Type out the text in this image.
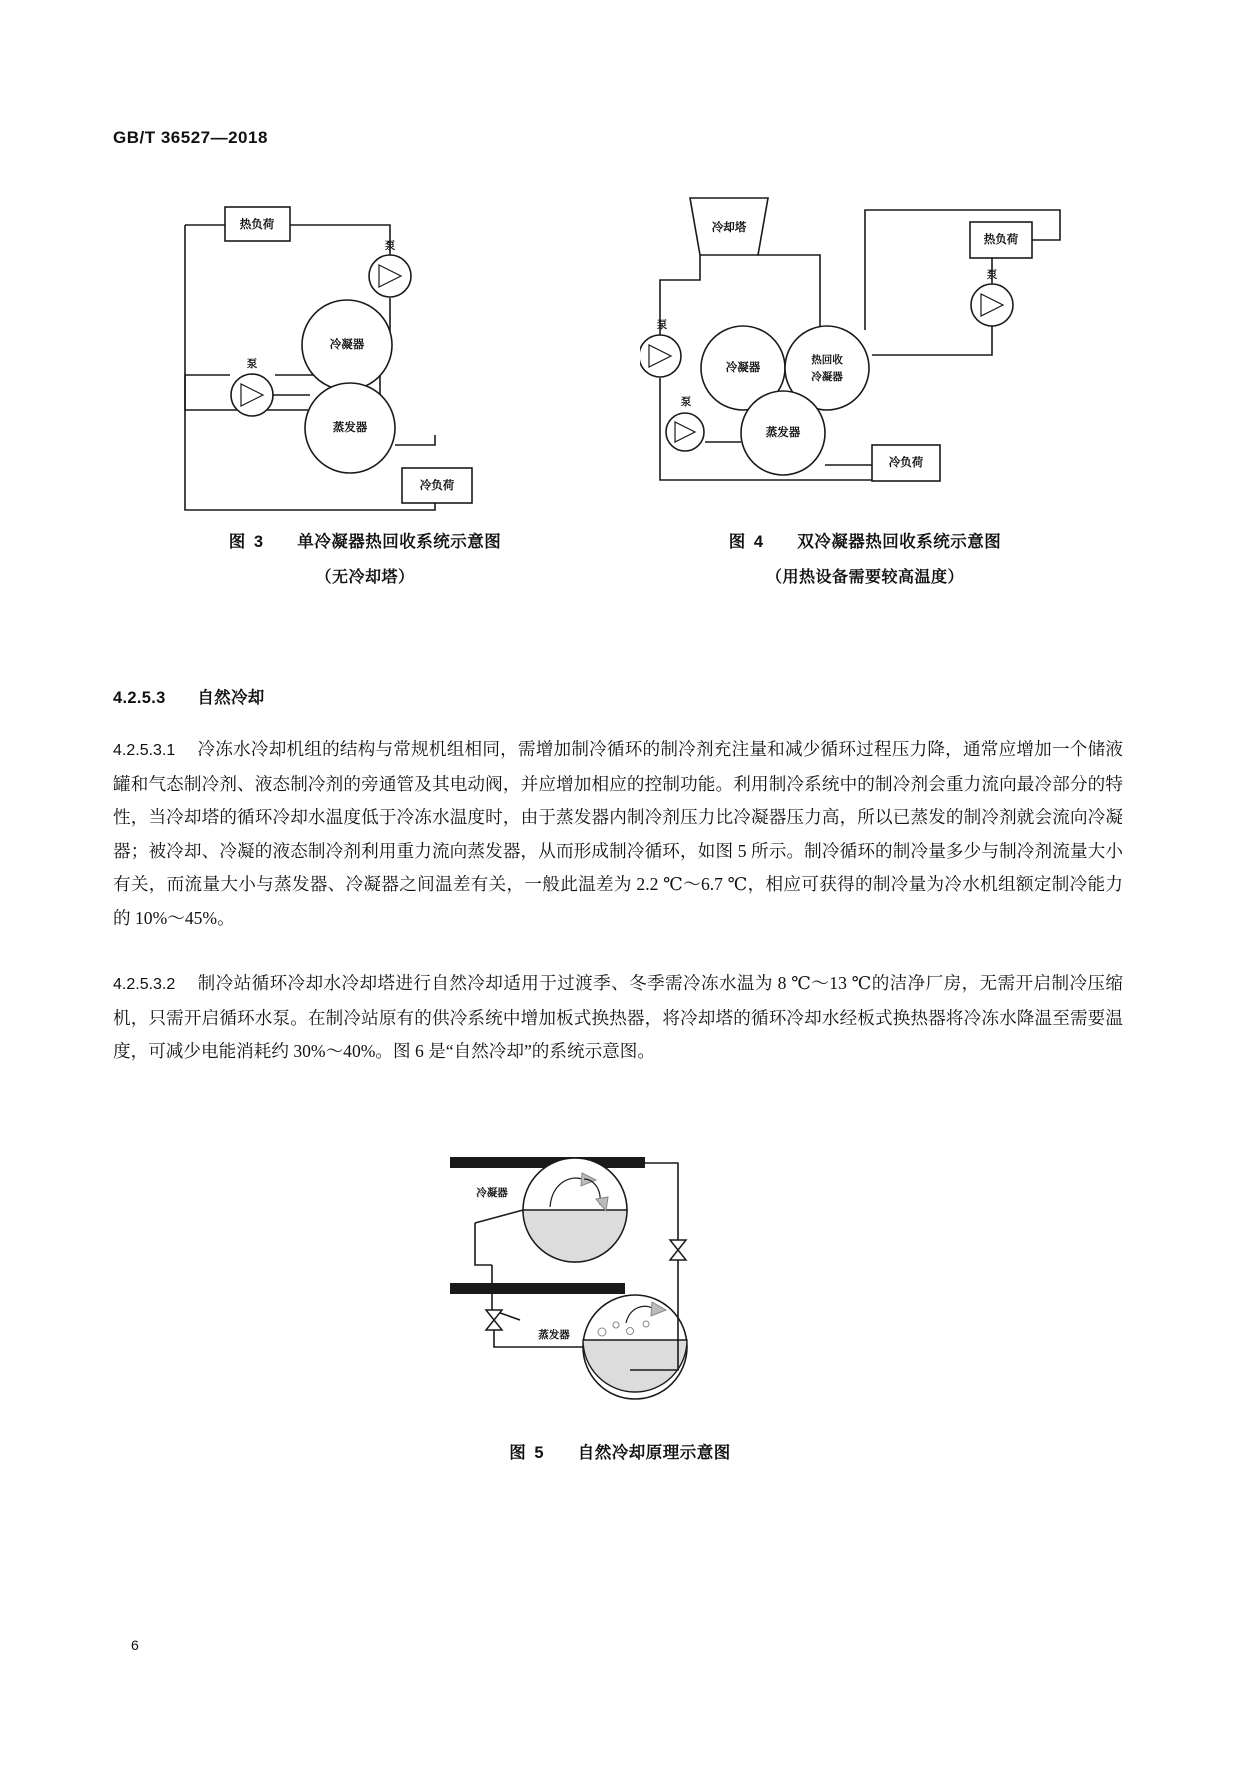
GB/T 36527—2018
热负荷
泵
冷凝器
蒸发器
泵
冷负荷
图 3 单冷凝器热回收系统示意图
（无冷却塔）
冷却塔
泵
冷凝器
热回收
冷凝器
蒸发器
热负荷
泵
泵
冷负荷
图 4 双冷凝器热回收系统示意图
（用热设备需要较高温度）
4.2.5.3 自然冷却
4.2.5.3.1 冷冻水冷却机组的结构与常规机组相同，需增加制冷循环的制冷剂充注量和减少循环过程压力降，通常应增加一个储液罐和气态制冷剂、液态制冷剂的旁通管及其电动阀，并应增加相应的控制功能。利用制冷系统中的制冷剂会重力流向最冷部分的特性，当冷却塔的循环冷却水温度低于冷冻水温度时，由于蒸发器内制冷剂压力比冷凝器压力高，所以已蒸发的制冷剂就会流向冷凝器；被冷却、冷凝的液态制冷剂利用重力流向蒸发器，从而形成制冷循环，如图 5 所示。制冷循环的制冷量多少与制冷剂流量大小有关，而流量大小与蒸发器、冷凝器之间温差有关，一般此温差为 2.2 ℃～6.7 ℃，相应可获得的制冷量为冷水机组额定制冷能力的 10%～45%。
4.2.5.3.2 制冷站循环冷却水冷却塔进行自然冷却适用于过渡季、冬季需冷冻水温为 8 ℃～13 ℃的洁净厂房，无需开启制冷压缩机，只需开启循环水泵。在制冷站原有的供冷系统中增加板式换热器，将冷却塔的循环冷却水经板式换热器将冷冻水降温至需要温度，可减少电能消耗约 30%～40%。图 6 是“自然冷却”的系统示意图。
冷凝器
蒸发器
图 5 自然冷却原理示意图
6
